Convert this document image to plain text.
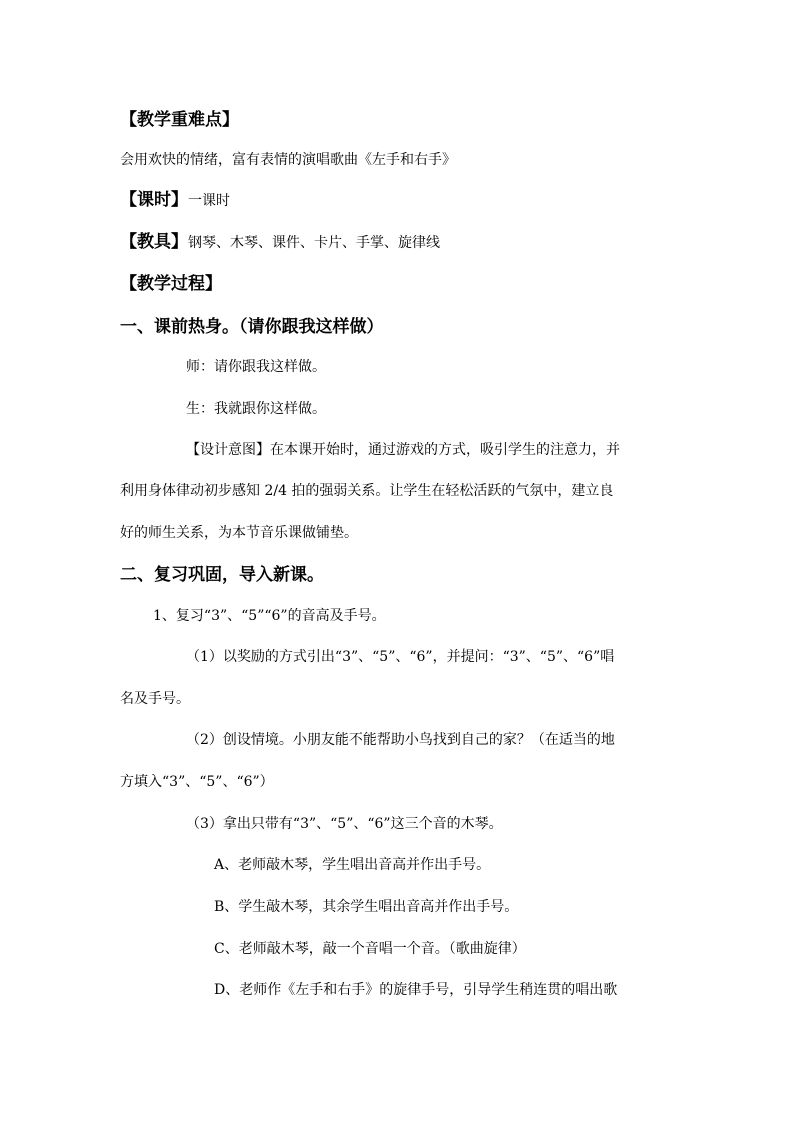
【教学重难点】
会用欢快的情绪，富有表情的演唱歌曲《左手和右手》
【课时】一课时
【教具】钢琴、木琴、课件、卡片、手掌、旋律线
【教学过程】
一、课前热身。（请你跟我这样做）
师：请你跟我这样做。
生：我就跟你这样做。
【设计意图】在本课开始时，通过游戏的方式，吸引学生的注意力，并
利用身体律动初步感知 2/4 拍的强弱关系。让学生在轻松活跃的气氛中，建立良
好的师生关系，为本节音乐课做铺垫。
二、复习巩固，导入新课。
1、复习“3”、“5”“6”的音高及手号。
（1）以奖励的方式引出“3”、“5”、“6”，并提问：“3”、“5”、“6”唱
名及手号。
（2）创设情境。小朋友能不能帮助小鸟找到自己的家？（在适当的地
方填入“3”、“5”、“6”）
（3）拿出只带有“3”、“5”、“6”这三个音的木琴。
A、老师敲木琴，学生唱出音高并作出手号。
B、学生敲木琴，其余学生唱出音高并作出手号。
C、老师敲木琴，敲一个音唱一个音。（歌曲旋律）
D、老师作《左手和右手》的旋律手号，引导学生稍连贯的唱出歌
